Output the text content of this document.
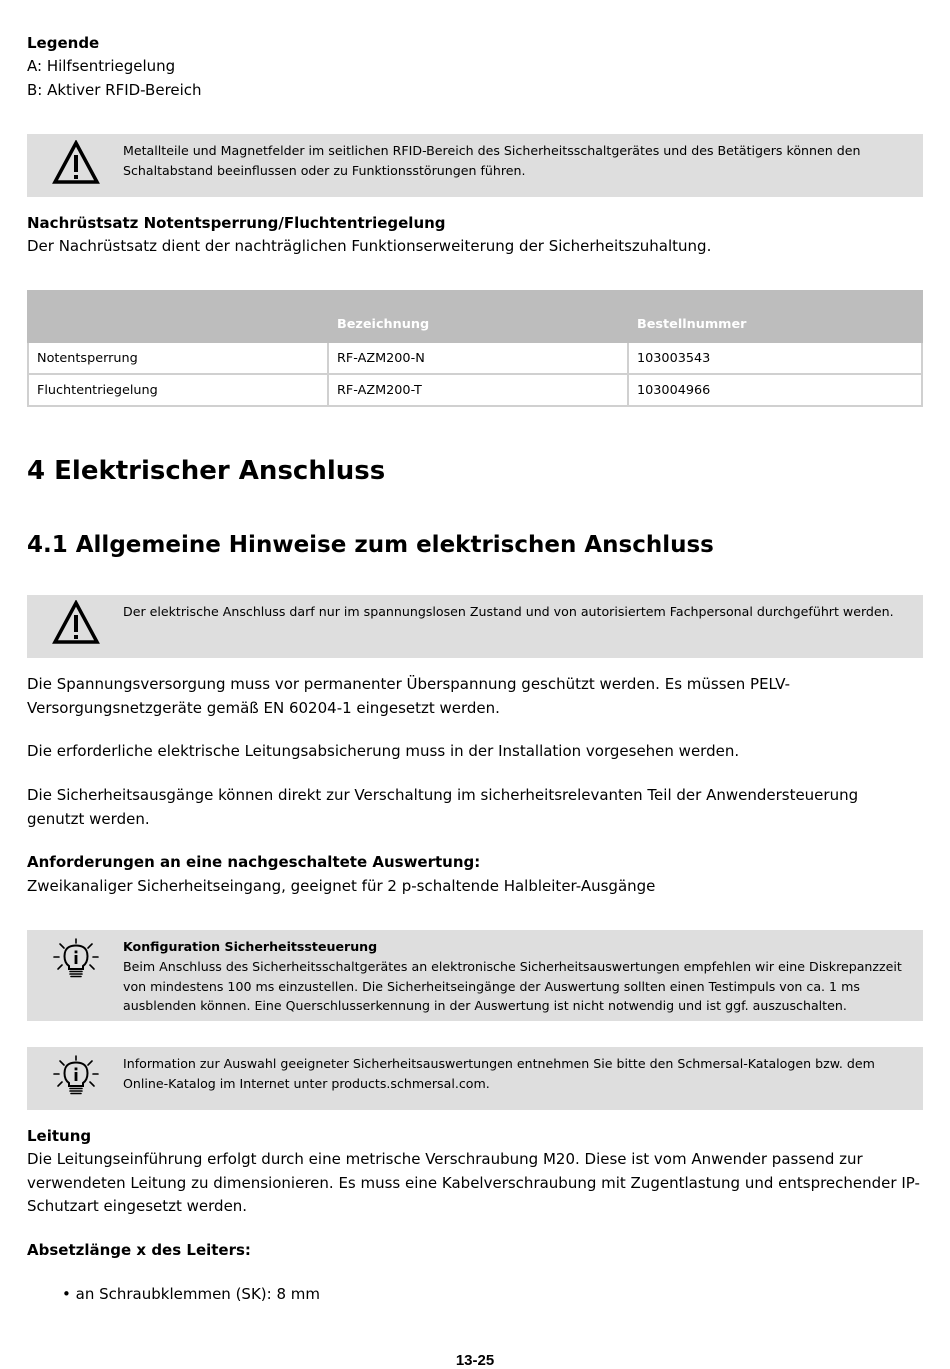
Legende
A: Hilfsentriegelung
B: Aktiver RFID-Bereich
Metallteile und Magnetfelder im seitlichen RFID-Bereich des Sicherheitsschaltgerätes und des Betätigers können den Schaltabstand beeinflussen oder zu Funktionsstörungen führen.
Nachrüstsatz Notentsperrung/Fluchtentriegelung
Der Nachrüstsatz dient der nachträglichen Funktionserweiterung der Sicherheitszuhaltung.
	Bezeichnung	Bestellnummer
Notentsperrung	RF-AZM200-N	103003543
Fluchtentriegelung	RF-AZM200-T	103004966
4 Elektrischer Anschluss
4.1 Allgemeine Hinweise zum elektrischen Anschluss
Der elektrische Anschluss darf nur im spannungslosen Zustand und von autorisiertem Fachpersonal durchgeführt werden.
Die Spannungsversorgung muss vor permanenter Überspannung geschützt werden. Es müssen PELV-Versorgungsnetzgeräte gemäß EN 60204-1 eingesetzt werden.
Die erforderliche elektrische Leitungsabsicherung muss in der Installation vorgesehen werden.
Die Sicherheitsausgänge können direkt zur Verschaltung im sicherheitsrelevanten Teil der Anwendersteuerung genutzt werden.
Anforderungen an eine nachgeschaltete Auswertung:
Zweikanaliger Sicherheitseingang, geeignet für 2 p-schaltende Halbleiter-Ausgänge
Konfiguration Sicherheitssteuerung
Beim Anschluss des Sicherheitsschaltgerätes an elektronische Sicherheitsauswertungen empfehlen wir eine Diskrepanzzeit von mindestens 100 ms einzustellen. Die Sicherheitseingänge der Auswertung sollten einen Testimpuls von ca. 1 ms ausblenden können. Eine Querschlusserkennung in der Auswertung ist nicht notwendig und ist ggf. auszuschalten.
Information zur Auswahl geeigneter Sicherheitsauswertungen entnehmen Sie bitte den Schmersal-Katalogen bzw. dem Online-Katalog im Internet unter products.schmersal.com.
Leitung
Die Leitungseinführung erfolgt durch eine metrische Verschraubung M20. Diese ist vom Anwender passend zur verwendeten Leitung zu dimensionieren. Es muss eine Kabelverschraubung mit Zugentlastung und entsprechender IP-Schutzart eingesetzt werden.
Absetzlänge x des Leiters:
• an Schraubklemmen (SK): 8 mm
13-25
